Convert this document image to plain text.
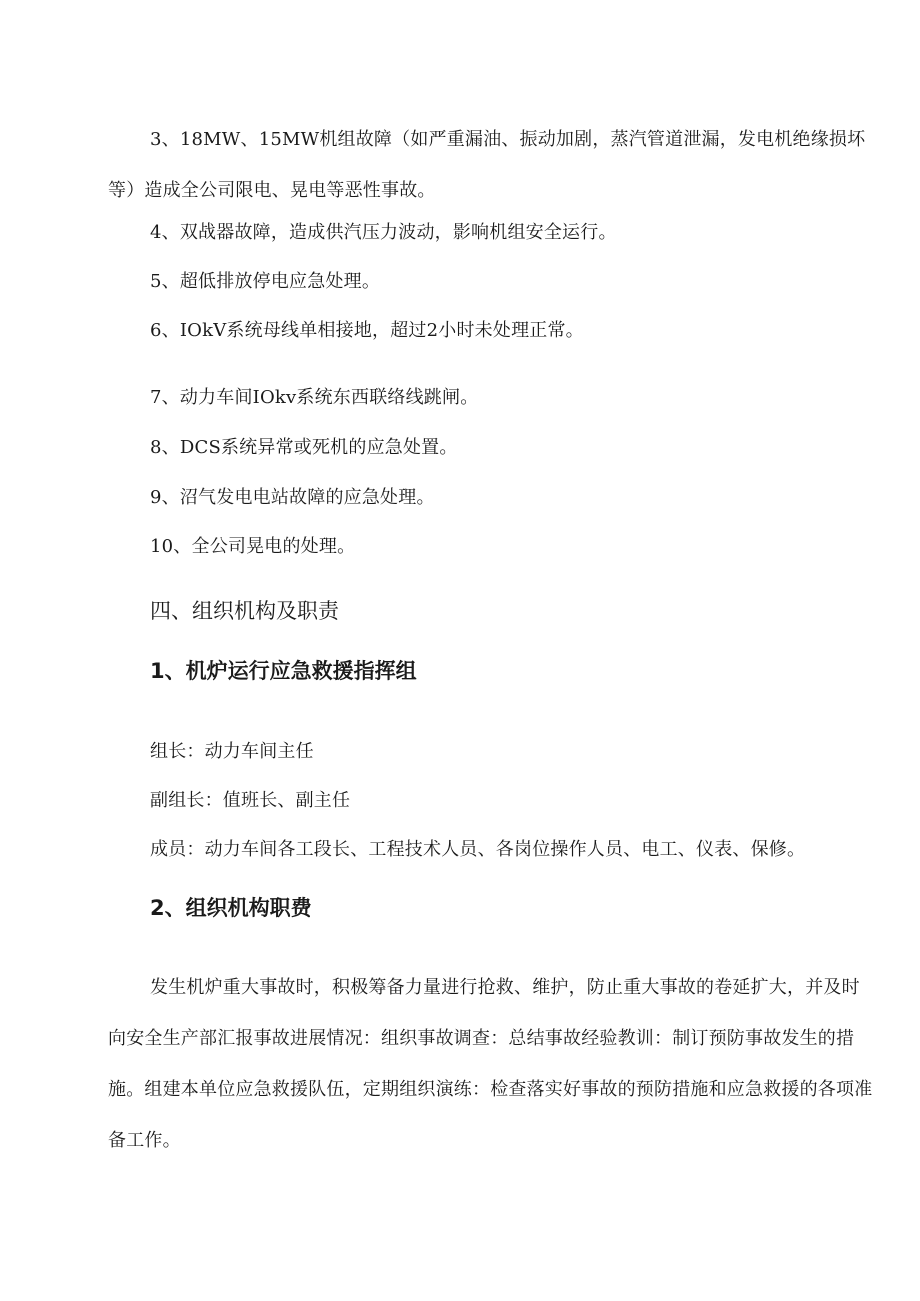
3、18MW、15MW机组故障（如严重漏油、振动加剧，蒸汽管道泄漏，发电机绝缘损坏等）造成全公司限电、晃电等恶性事故。

4、双战器故障，造成供汽压力波动，影响机组安全运行。

5、超低排放停电应急处理。

6、IOkV系统母线单相接地，超过2小时未处理正常。

7、动力车间IOkv系统东西联络线跳闸。

8、DCS系统异常或死机的应急处置。

9、沼气发电电站故障的应急处理。

10、全公司晃电的处理。

四、组织机构及职责
1、机炉运行应急救援指挥组

组长：动力车间主任

副组长：值班长、副主任

成员：动力车间各工段长、工程技术人员、各岗位操作人员、电工、仪表、保修。

2、组织机构职费

发生机炉重大事故时，积极筹备力量进行抢救、维护，防止重大事故的卷延扩大，并及时向安全生产部汇报事故进展情况：组织事故调查：总结事故经验教训：制订预防事故发生的措施。组建本单位应急救援队伍，定期组织演练：检查落实好事故的预防措施和应急救援的各项准备工作。
